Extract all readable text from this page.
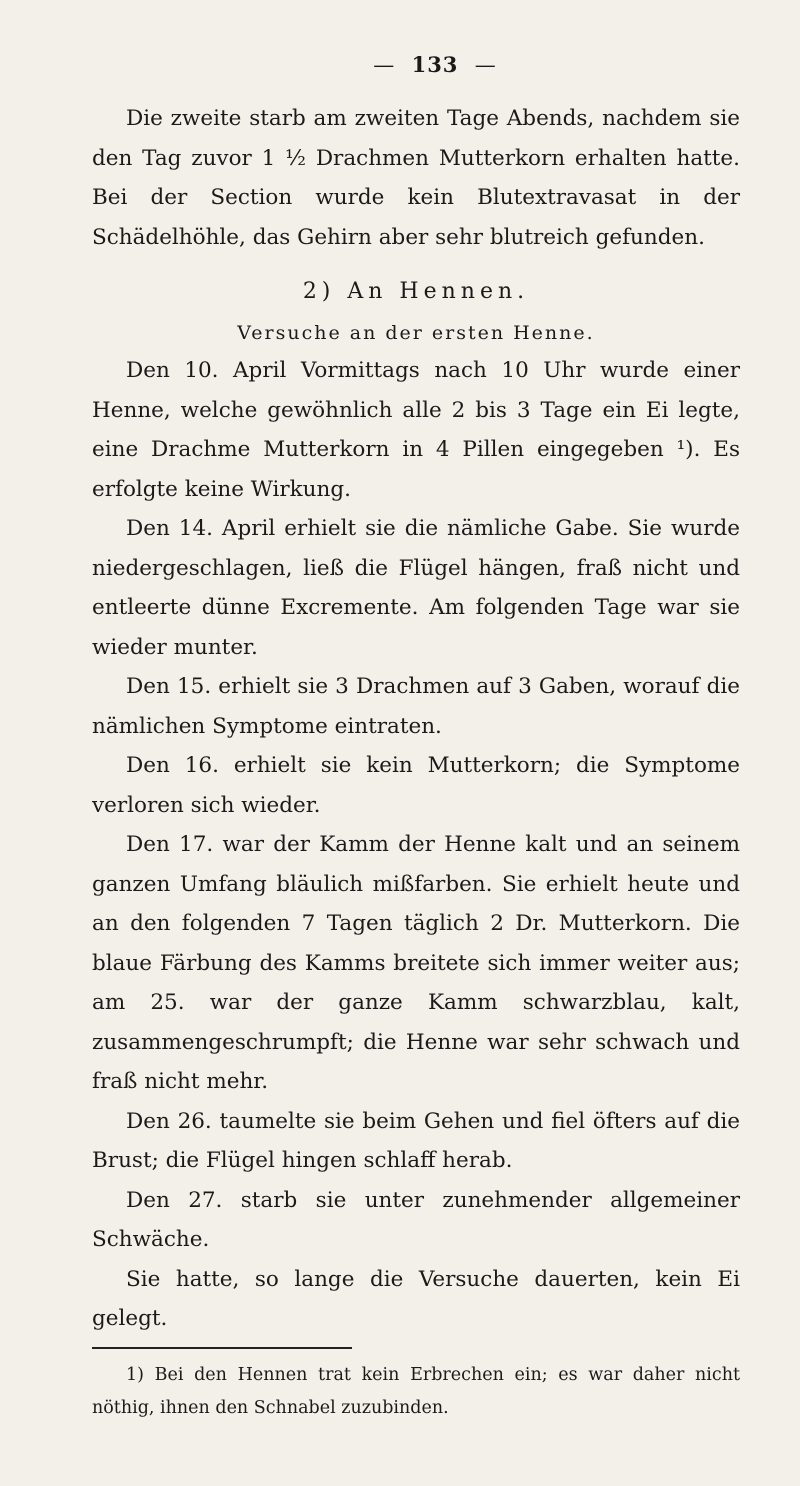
— 133 —

Die zweite starb am zweiten Tage Abends, nachdem sie den Tag zuvor 1 ½ Drachmen Mutterkorn erhalten hatte. Bei der Section wurde kein Blutextravasat in der Schädelhöhle, das Gehirn aber sehr blutreich gefunden.

2) An Hennen.

Versuche an der ersten Henne.

Den 10. April Vormittags nach 10 Uhr wurde einer Henne, welche gewöhnlich alle 2 bis 3 Tage ein Ei legte, eine Drachme Mutterkorn in 4 Pillen eingegeben ¹). Es erfolgte keine Wirkung.

Den 14. April erhielt sie die nämliche Gabe. Sie wurde niedergeschlagen, ließ die Flügel hängen, fraß nicht und entleerte dünne Excremente. Am folgenden Tage war sie wieder munter.

Den 15. erhielt sie 3 Drachmen auf 3 Gaben, worauf die nämlichen Symptome eintraten.

Den 16. erhielt sie kein Mutterkorn; die Symptome verloren sich wieder.

Den 17. war der Kamm der Henne kalt und an seinem ganzen Umfang bläulich mißfarben. Sie erhielt heute und an den folgenden 7 Tagen täglich 2 Dr. Mutterkorn. Die blaue Färbung des Kamms breitete sich immer weiter aus; am 25. war der ganze Kamm schwarzblau, kalt, zusammengeschrumpft; die Henne war sehr schwach und fraß nicht mehr.

Den 26. taumelte sie beim Gehen und fiel öfters auf die Brust; die Flügel hingen schlaff herab.

Den 27. starb sie unter zunehmender allgemeiner Schwäche.

Sie hatte, so lange die Versuche dauerten, kein Ei gelegt.

1) Bei den Hennen trat kein Erbrechen ein; es war daher nicht nöthig, ihnen den Schnabel zuzubinden.
